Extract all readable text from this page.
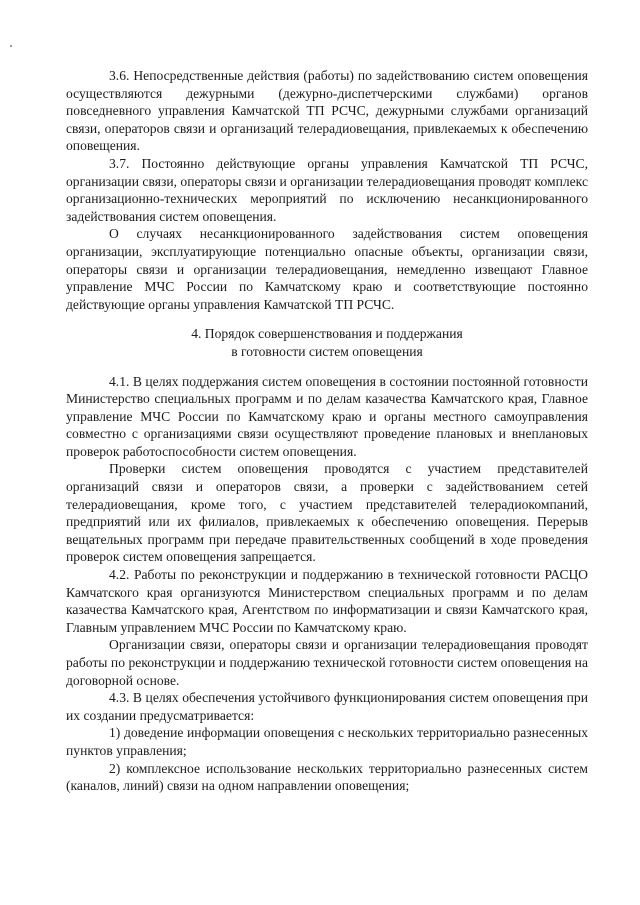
3.6. Непосредственные действия (работы) по задействованию систем оповещения осуществляются дежурными (дежурно-диспетчерскими службами) органов повседневного управления Камчатской ТП РСЧС, дежурными службами организаций связи, операторов связи и организаций телерадиовещания, привлекаемых к обеспечению оповещения.

3.7. Постоянно действующие органы управления Камчатской ТП РСЧС, организации связи, операторы связи и организации телерадиовещания проводят комплекс организационно-технических мероприятий по исключению несанкционированного задействования систем оповещения.

О случаях несанкционированного задействования систем оповещения организации, эксплуатирующие потенциально опасные объекты, организации связи, операторы связи и организации телерадиовещания, немедленно извещают Главное управление МЧС России по Камчатскому краю и соответствующие постоянно действующие органы управления Камчатской ТП РСЧС.

4. Порядок совершенствования и поддержания

в готовности систем оповещения

4.1. В целях поддержания систем оповещения в состоянии постоянной готовности Министерство специальных программ и по делам казачества Камчатского края, Главное управление МЧС России по Камчатскому краю и органы местного самоуправления совместно с организациями связи осуществляют проведение плановых и внеплановых проверок работоспособности систем оповещения.

Проверки систем оповещения проводятся с участием представителей организаций связи и операторов связи, а проверки с задействованием сетей телерадиовещания, кроме того, с участием представителей телерадиокомпаний, предприятий или их филиалов, привлекаемых к обеспечению оповещения. Перерыв вещательных программ при передаче правительственных сообщений в ходе проведения проверок систем оповещения запрещается.

4.2. Работы по реконструкции и поддержанию в технической готовности РАСЦО Камчатского края организуются Министерством специальных программ и по делам казачества Камчатского края, Агентством по информатизации и связи Камчатского края, Главным управлением МЧС России по Камчатскому краю.

Организации связи, операторы связи и организации телерадиовещания проводят работы по реконструкции и поддержанию технической готовности систем оповещения на договорной основе.

4.3. В целях обеспечения устойчивого функционирования систем оповещения при их создании предусматривается:

1) доведение информации оповещения с нескольких территориально разнесенных пунктов управления;

2) комплексное использование нескольких территориально разнесенных систем (каналов, линий) связи на одном направлении оповещения;
